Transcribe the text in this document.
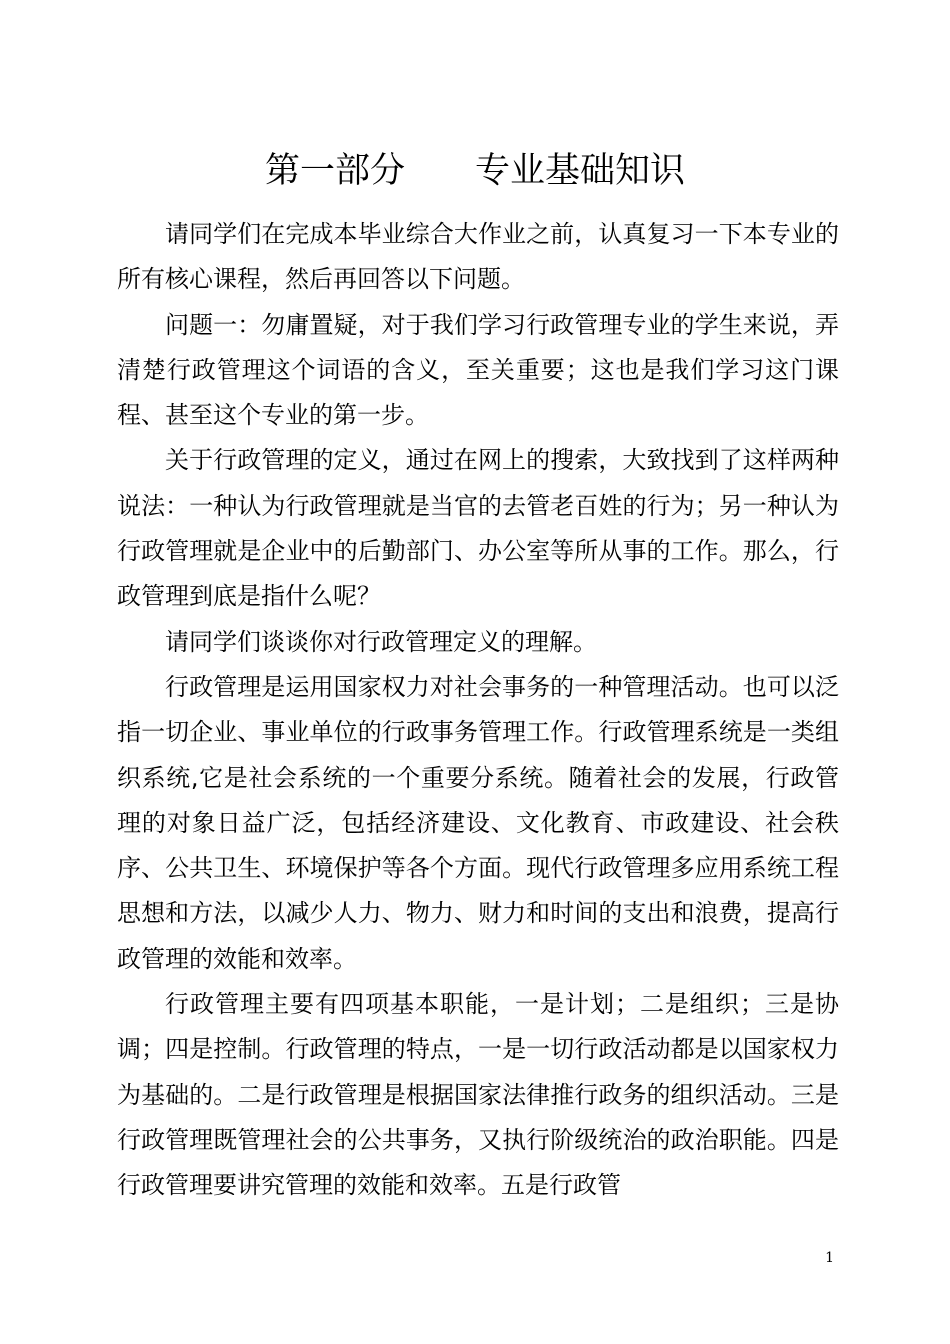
第一部分　　专业基础知识

请同学们在完成本毕业综合大作业之前，认真复习一下本专业的所有核心课程，然后再回答以下问题。

问题一：勿庸置疑，对于我们学习行政管理专业的学生来说，弄清楚行政管理这个词语的含义，至关重要；这也是我们学习这门课程、甚至这个专业的第一步。

关于行政管理的定义，通过在网上的搜索，大致找到了这样两种说法：一种认为行政管理就是当官的去管老百姓的行为；另一种认为行政管理就是企业中的后勤部门、办公室等所从事的工作。那么，行政管理到底是指什么呢？

请同学们谈谈你对行政管理定义的理解。

行政管理是运用国家权力对社会事务的一种管理活动。也可以泛指一切企业、事业单位的行政事务管理工作。行政管理系统是一类组织系统,它是社会系统的一个重要分系统。随着社会的发展，行政管理的对象日益广泛，包括经济建设、文化教育、市政建设、社会秩序、公共卫生、环境保护等各个方面。现代行政管理多应用系统工程思想和方法，以减少人力、物力、财力和时间的支出和浪费，提高行政管理的效能和效率。

行政管理主要有四项基本职能，一是计划；二是组织；三是协调；四是控制。行政管理的特点，一是一切行政活动都是以国家权力为基础的。二是行政管理是根据国家法律推行政务的组织活动。三是行政管理既管理社会的公共事务，又执行阶级统治的政治职能。四是行政管理要讲究管理的效能和效率。五是行政管

1
